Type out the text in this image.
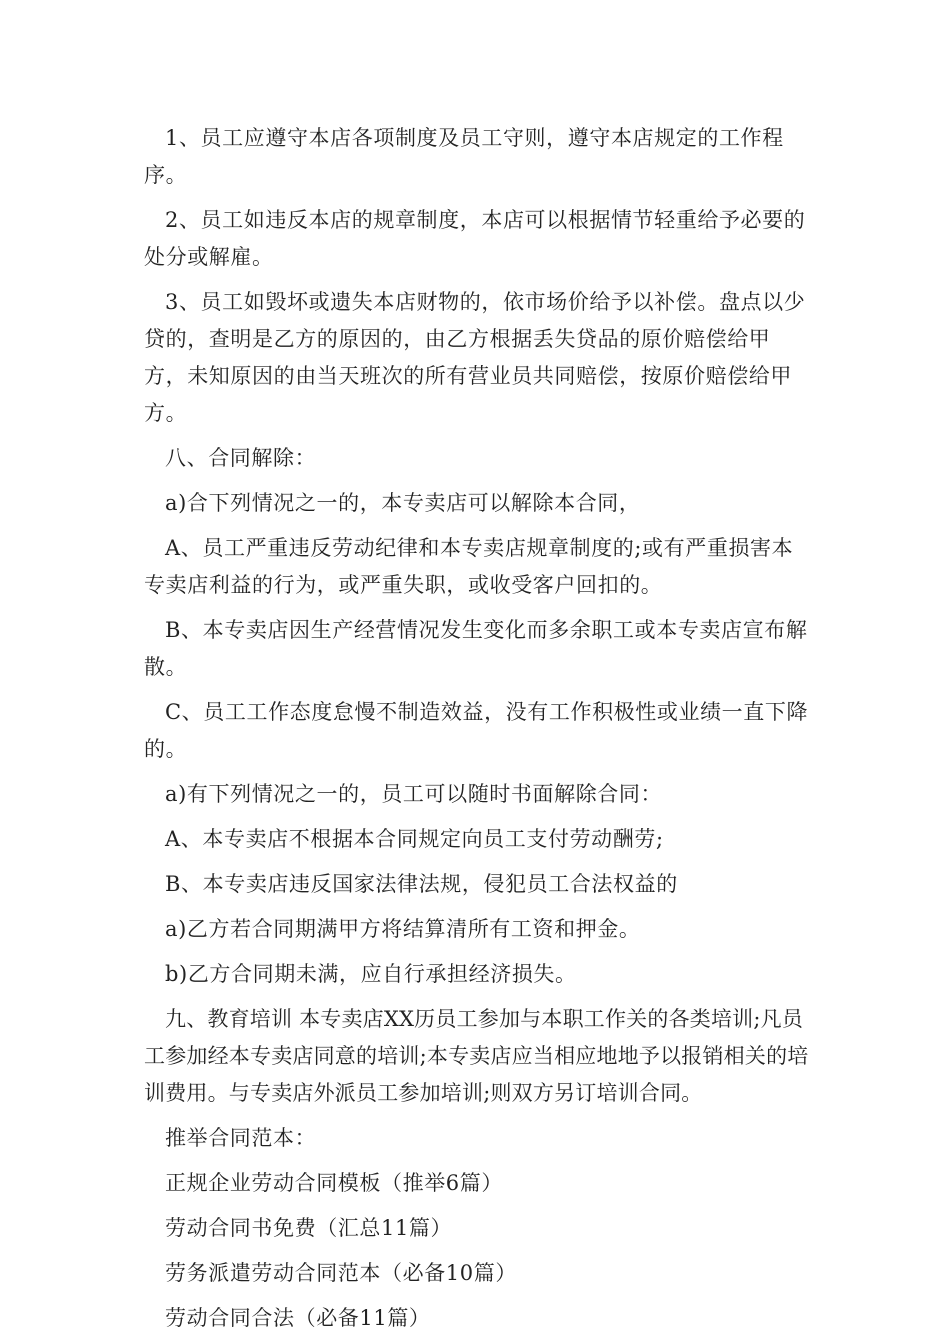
1、员工应遵守本店各项制度及员工守则，遵守本店规定的工作程序。

2、员工如违反本店的规章制度，本店可以根据情节轻重给予必要的处分或解雇。

3、员工如毁坏或遗失本店财物的，依市场价给予以补偿。盘点以少贷的，查明是乙方的原因的，由乙方根据丢失贷品的原价赔偿给甲方，未知原因的由当天班次的所有营业员共同赔偿，按原价赔偿给甲方。

八、合同解除：

a)合下列情况之一的，本专卖店可以解除本合同，

A、员工严重违反劳动纪律和本专卖店规章制度的;或有严重损害本专卖店利益的行为，或严重失职，或收受客户回扣的。

B、本专卖店因生产经营情况发生变化而多余职工或本专卖店宣布解散。

C、员工工作态度怠慢不制造效益，没有工作积极性或业绩一直下降的。

a)有下列情况之一的，员工可以随时书面解除合同：

A、本专卖店不根据本合同规定向员工支付劳动酬劳;

B、本专卖店违反国家法律法规，侵犯员工合法权益的

a)乙方若合同期满甲方将结算清所有工资和押金。

b)乙方合同期未满，应自行承担经济损失。

九、教育培训 本专卖店XX历员工参加与本职工作关的各类培训;凡员工参加经本专卖店同意的培训;本专卖店应当相应地地予以报销相关的培训费用。与专卖店外派员工参加培训;则双方另订培训合同。

推举合同范本：

正规企业劳动合同模板（推举6篇）

劳动合同书免费（汇总11篇）

劳务派遣劳动合同范本（必备10篇）

劳动合同合法（必备11篇）
